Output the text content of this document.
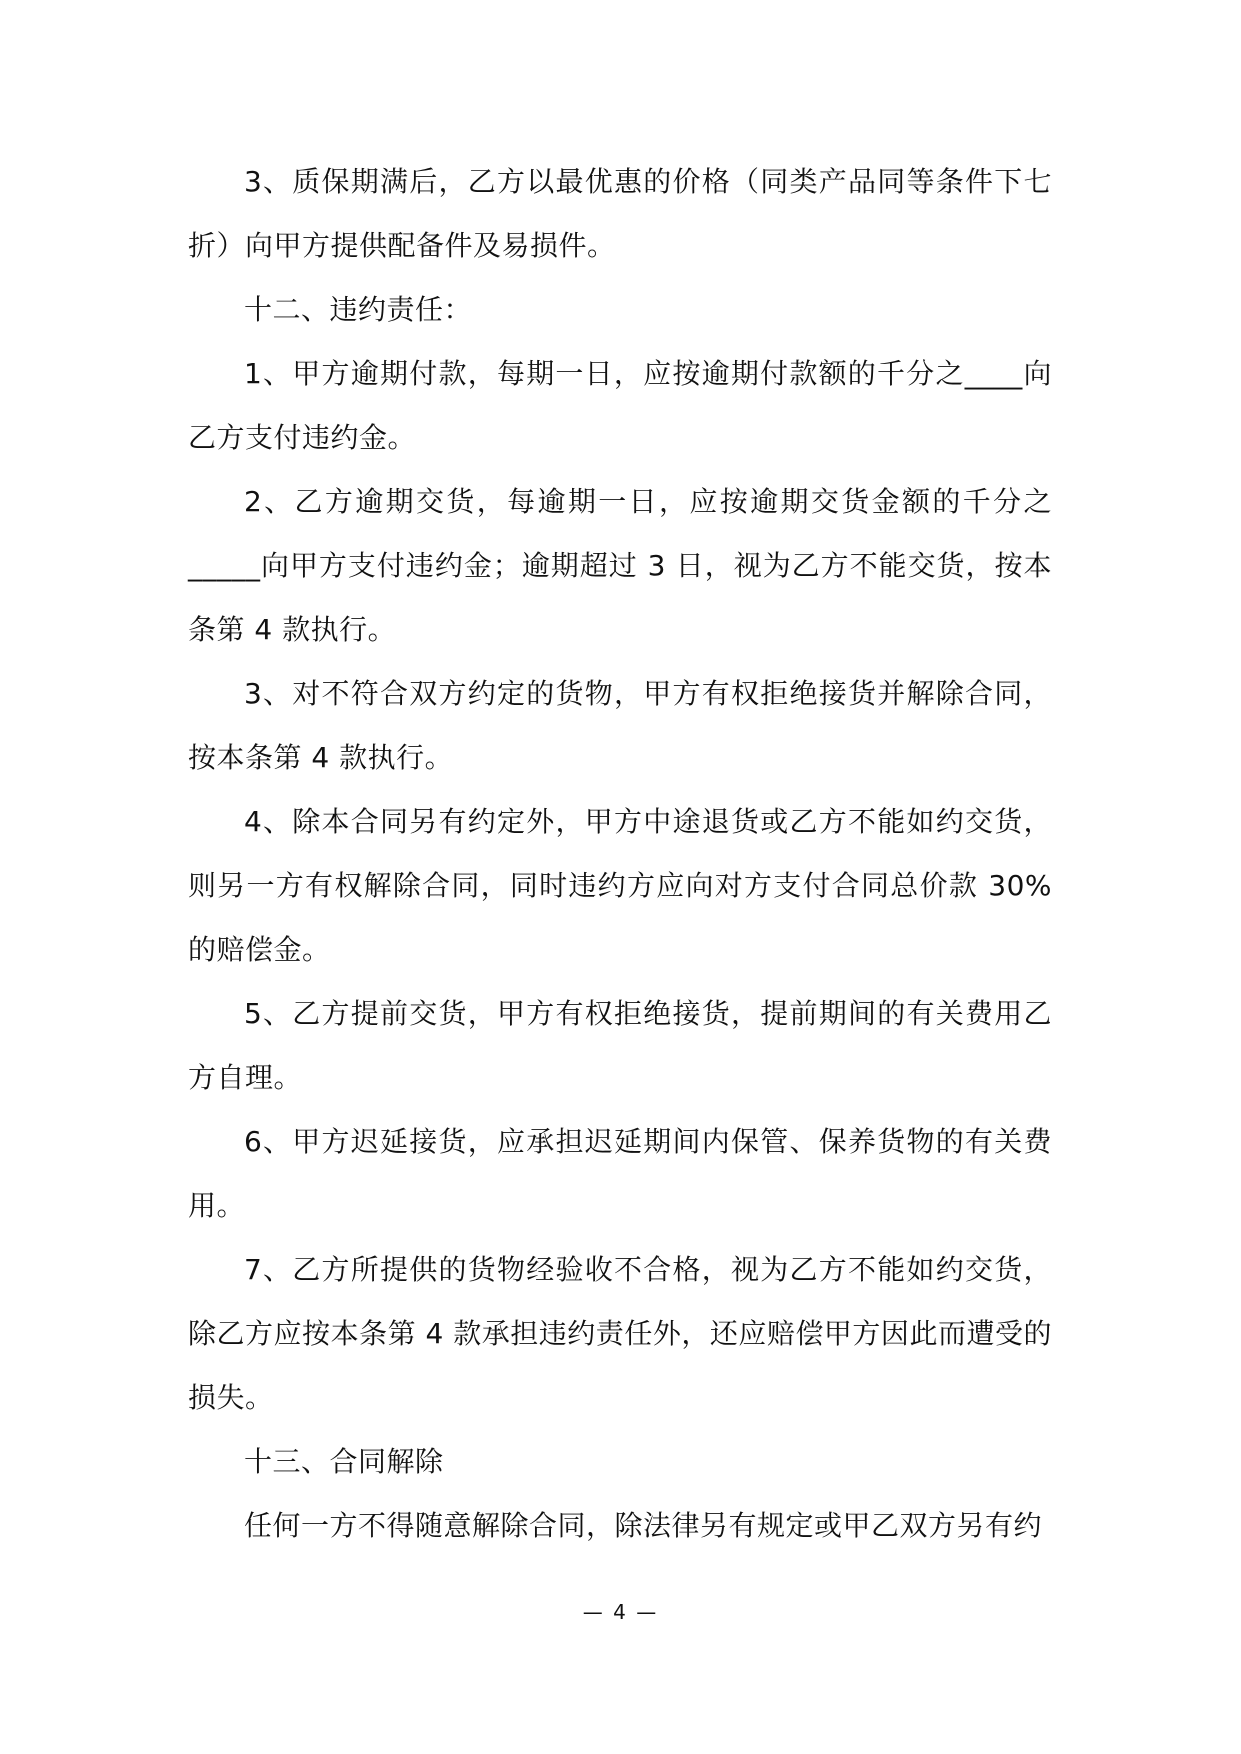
3、质保期满后，乙方以最优惠的价格（同类产品同等条件下七折）向甲方提供配备件及易损件。

十二、违约责任：

1、甲方逾期付款，每期一日，应按逾期付款额的千分之____向乙方支付违约金。

2、乙方逾期交货，每逾期一日，应按逾期交货金额的千分之_____向甲方支付违约金；逾期超过 3 日，视为乙方不能交货，按本条第 4 款执行。

3、对不符合双方约定的货物，甲方有权拒绝接货并解除合同，按本条第 4 款执行。

4、除本合同另有约定外，甲方中途退货或乙方不能如约交货，则另一方有权解除合同，同时违约方应向对方支付合同总价款 30%的赔偿金。

5、乙方提前交货，甲方有权拒绝接货，提前期间的有关费用乙方自理。

6、甲方迟延接货，应承担迟延期间内保管、保养货物的有关费用。

7、乙方所提供的货物经验收不合格，视为乙方不能如约交货，除乙方应按本条第 4 款承担违约责任外，还应赔偿甲方因此而遭受的损失。

十三、合同解除

任何一方不得随意解除合同，除法律另有规定或甲乙双方另有约

— 4 —
